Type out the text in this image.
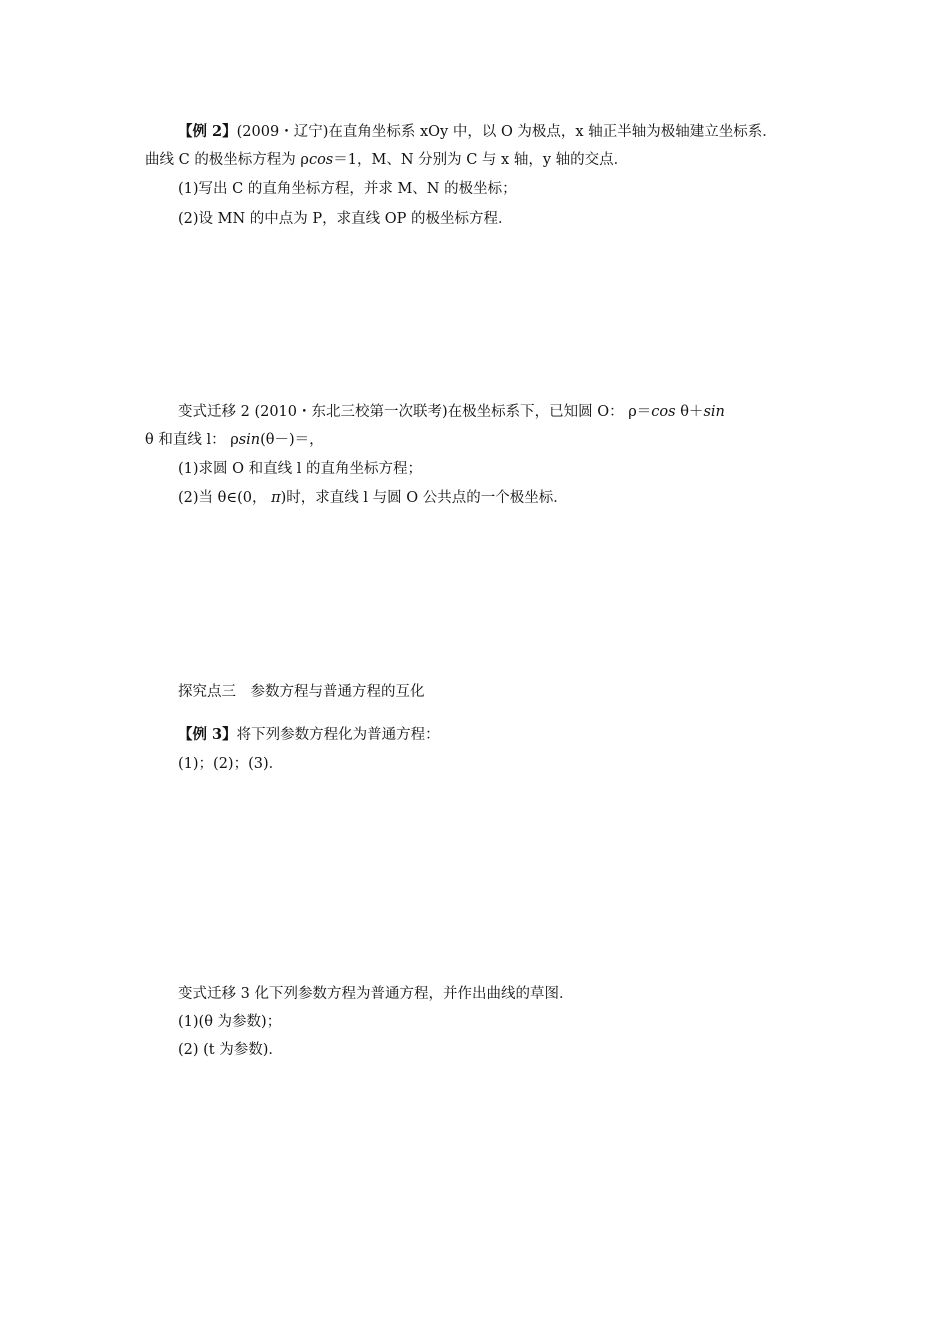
【例 2】(2009・辽宁)在直角坐标系 xOy 中，以 O 为极点，x 轴正半轴为极轴建立坐标系．
曲线 C 的极坐标方程为 ρcos＝1，M、N 分别为 C 与 x 轴，y 轴的交点．
(1)写出 C 的直角坐标方程，并求 M、N 的极坐标；
(2)设 MN 的中点为 P，求直线 OP 的极坐标方程．
变式迁移 2 (2010・东北三校第一次联考)在极坐标系下，已知圆 O： ρ＝cos θ＋sin
θ 和直线 l： ρsin(θ－)＝，
(1)求圆 O 和直线 l 的直角坐标方程；
(2)当 θ∈(0， π)时，求直线 l 与圆 O 公共点的一个极坐标．
探究点三　参数方程与普通方程的互化
【例 3】将下列参数方程化为普通方程：
(1)；(2)；(3)．
变式迁移 3 化下列参数方程为普通方程，并作出曲线的草图．
(1)(θ 为参数)；
(2) (t 为参数)．
